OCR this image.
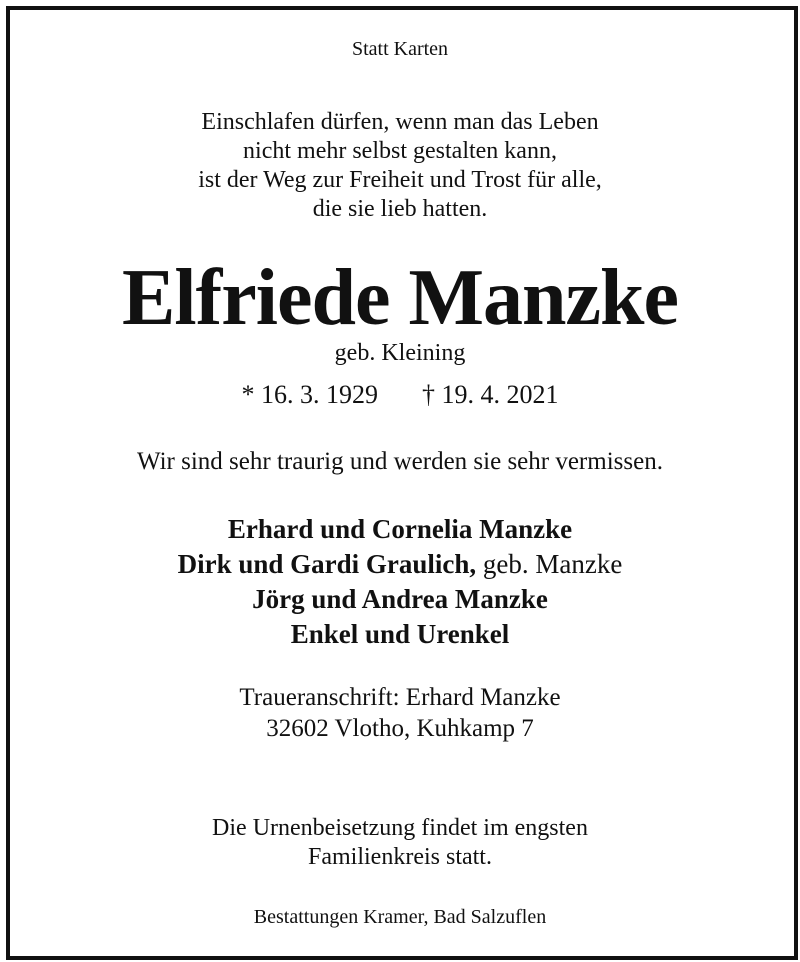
Statt Karten
Einschlafen dürfen, wenn man das Leben
nicht mehr selbst gestalten kann,
ist der Weg zur Freiheit und Trost für alle,
die sie lieb hatten.
Elfriede Manzke
geb. Kleining
* 16. 3. 1929 † 19. 4. 2021
Wir sind sehr traurig und werden sie sehr vermissen.
Erhard und Cornelia Manzke
Dirk und Gardi Graulich, geb. Manzke
Jörg und Andrea Manzke
Enkel und Urenkel
Traueranschrift: Erhard Manzke
32602 Vlotho, Kuhkamp 7
Die Urnenbeisetzung findet im engsten
Familienkreis statt.
Bestattungen Kramer, Bad Salzuflen
